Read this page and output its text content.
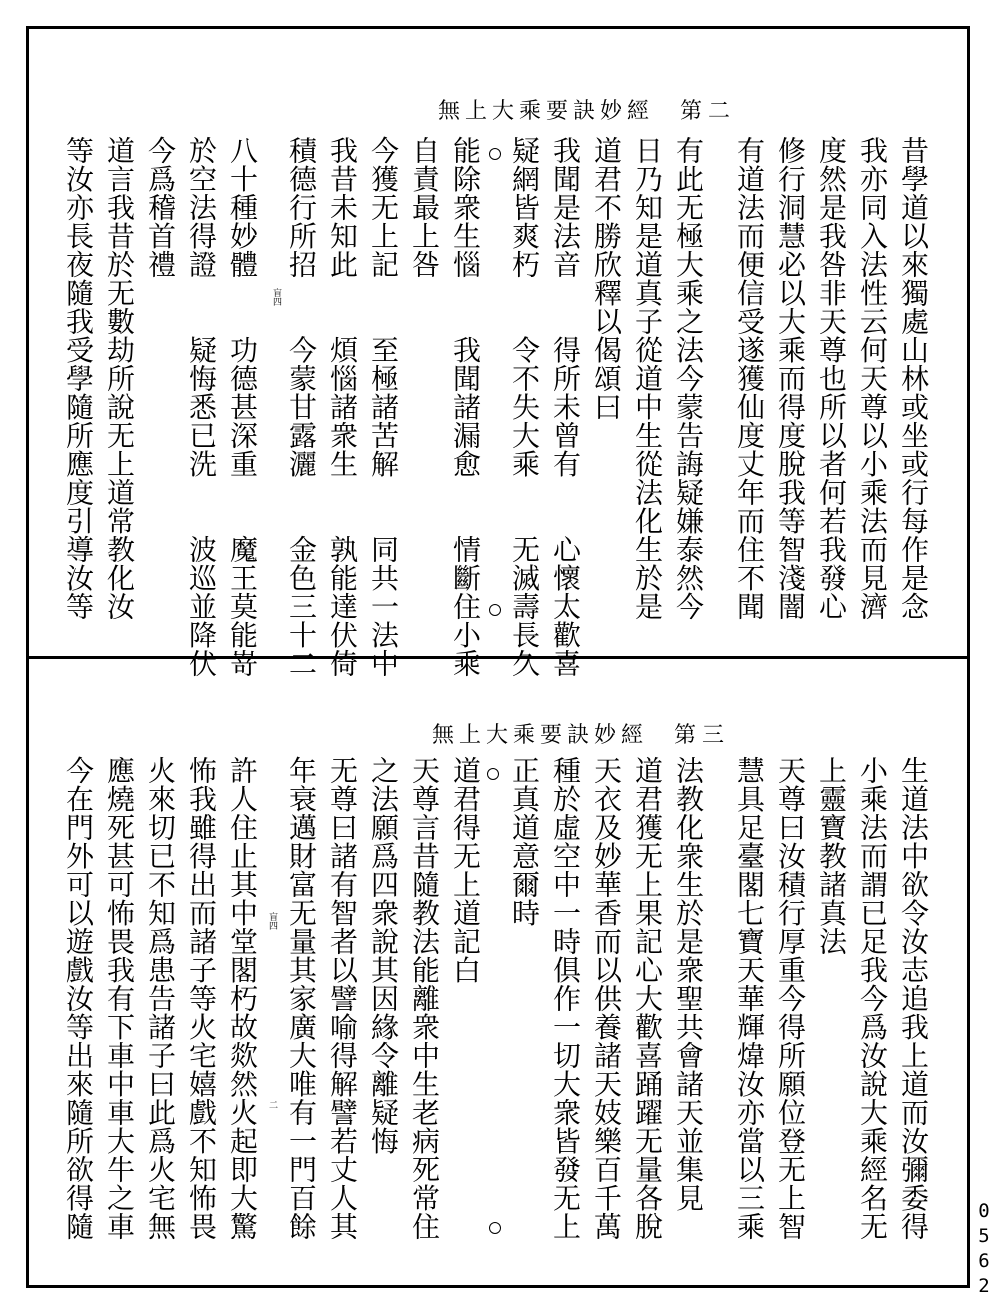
無上大乘要訣妙經 第二
昔學道以來獨處山林或坐或行每作是念
我亦同入法性云何天尊以小乘法而見濟
度然是我咎非天尊也所以者何若我發心
修行洞慧必以大乘而得度脫我等智淺闇
有道法而便信受遂獲仙度丈年而住不聞
有此无極大乘之法今蒙告誨疑嫌泰然今
日乃知是道真子從道中生從法化生於是
道君不勝欣釋以偈頌曰
我聞是法音　　得所未曾有　　心懷太歡喜
疑網皆爽朽　　令不失大乘　　无滅壽長久
能除衆生惱　　我聞諸漏愈　　情斷住小乘
自責最上咎
今獲无上記　　至極諸苦解　　同共一法中
我昔未知此　　煩惱諸衆生　　孰能達伏倚
積德行所招　　今蒙甘露灑　　金色三十二
八十種妙體　　功德甚深重　　魔王莫能嵜
於空法得證　　疑悔悉已洗　　波巡並降伏
今爲稽首禮
道言我昔於无數劫所說无上道常教化汝
等汝亦長夜隨我受學隨所應度引導汝等	盲四
無上大乘要訣妙經 第三
生道法中欲令汝志追我上道而汝彌委得
小乘法而謂已足我今爲汝說大乘經名无
上靈寶教諸真法
天尊曰汝積行厚重今得所願位登无上智
慧具足臺閣七寶天華輝煒汝亦當以三乘
法教化衆生於是衆聖共會諸天並集見
道君獲无上果記心大歡喜踊躍无量各脫
天衣及妙華香而以供養諸天妓樂百千萬
種於虛空中一時俱作一切大衆皆發无上
正真道意爾時
道君得无上道記白
天尊言昔隨教法能離衆中生老病死常住
之法願爲四衆說其因緣令離疑悔
无尊曰諸有智者以譬喻得解譬若丈人其
年衰邁財富无量其家廣大唯有一門百餘
許人住止其中堂閣朽故欻然火起即大驚
怖我雖得出而諸子等火宅嬉戲不知怖畏
火來切已不知爲患告諸子曰此爲火宅無
應燒死甚可怖畏我有下車中車大牛之車
今在門外可以遊戲汝等出來隨所欲得隨	盲四
二
0562
